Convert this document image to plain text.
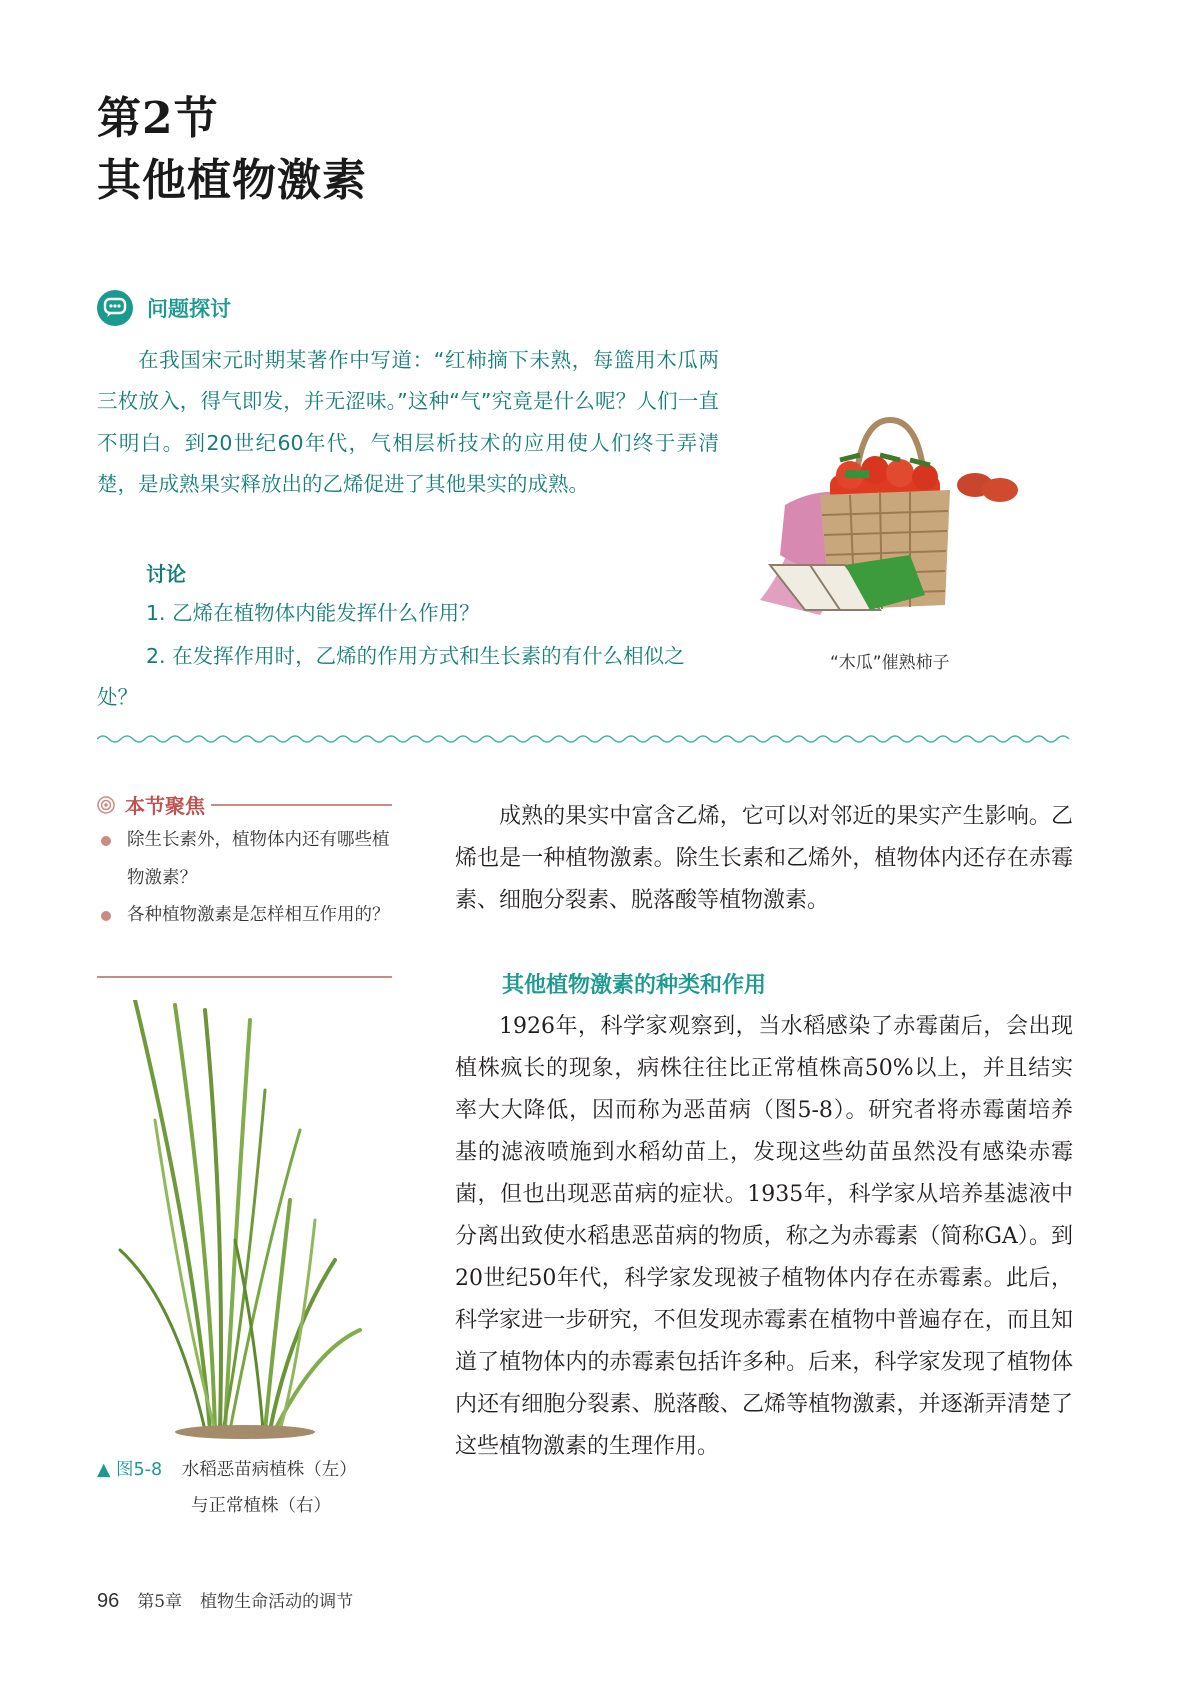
第2节
其他植物激素
问题探讨

在我国宋元时期某著作中写道：“红柿摘下未熟，每篮用木瓜两三枚放入，得气即发，并无涩味。”这种“气”究竟是什么呢？人们一直不明白。到20世纪60年代，气相层析技术的应用使人们终于弄清楚，是成熟果实释放出的乙烯促进了其他果实的成熟。

讨论
1. 乙烯在植物体内能发挥什么作用？
2. 在发挥作用时，乙烯的作用方式和生长素的有什么相似之处？
“木瓜”催熟柿子
本节聚焦
除生长素外，植物体内还有哪些植物激素？
各种植物激素是怎样相互作用的？
▲ 图5-8 水稻恶苗病植株（左）
与正常植株（右）

成熟的果实中富含乙烯，它可以对邻近的果实产生影响。乙烯也是一种植物激素。除生长素和乙烯外，植物体内还存在赤霉素、细胞分裂素、脱落酸等植物激素。

其他植物激素的种类和作用

1926年，科学家观察到，当水稻感染了赤霉菌后，会出现植株疯长的现象，病株往往比正常植株高50%以上，并且结实率大大降低，因而称为恶苗病（图5-8）。研究者将赤霉菌培养基的滤液喷施到水稻幼苗上，发现这些幼苗虽然没有感染赤霉菌，但也出现恶苗病的症状。1935年，科学家从培养基滤液中分离出致使水稻患恶苗病的物质，称之为赤霉素（简称GA）。到20世纪50年代，科学家发现被子植物体内存在赤霉素。此后，科学家进一步研究，不但发现赤霉素在植物中普遍存在，而且知道了植物体内的赤霉素包括许多种。后来，科学家发现了植物体内还有细胞分裂素、脱落酸、乙烯等植物激素，并逐渐弄清楚了这些植物激素的生理作用。

96 第5章 植物生命活动的调节
